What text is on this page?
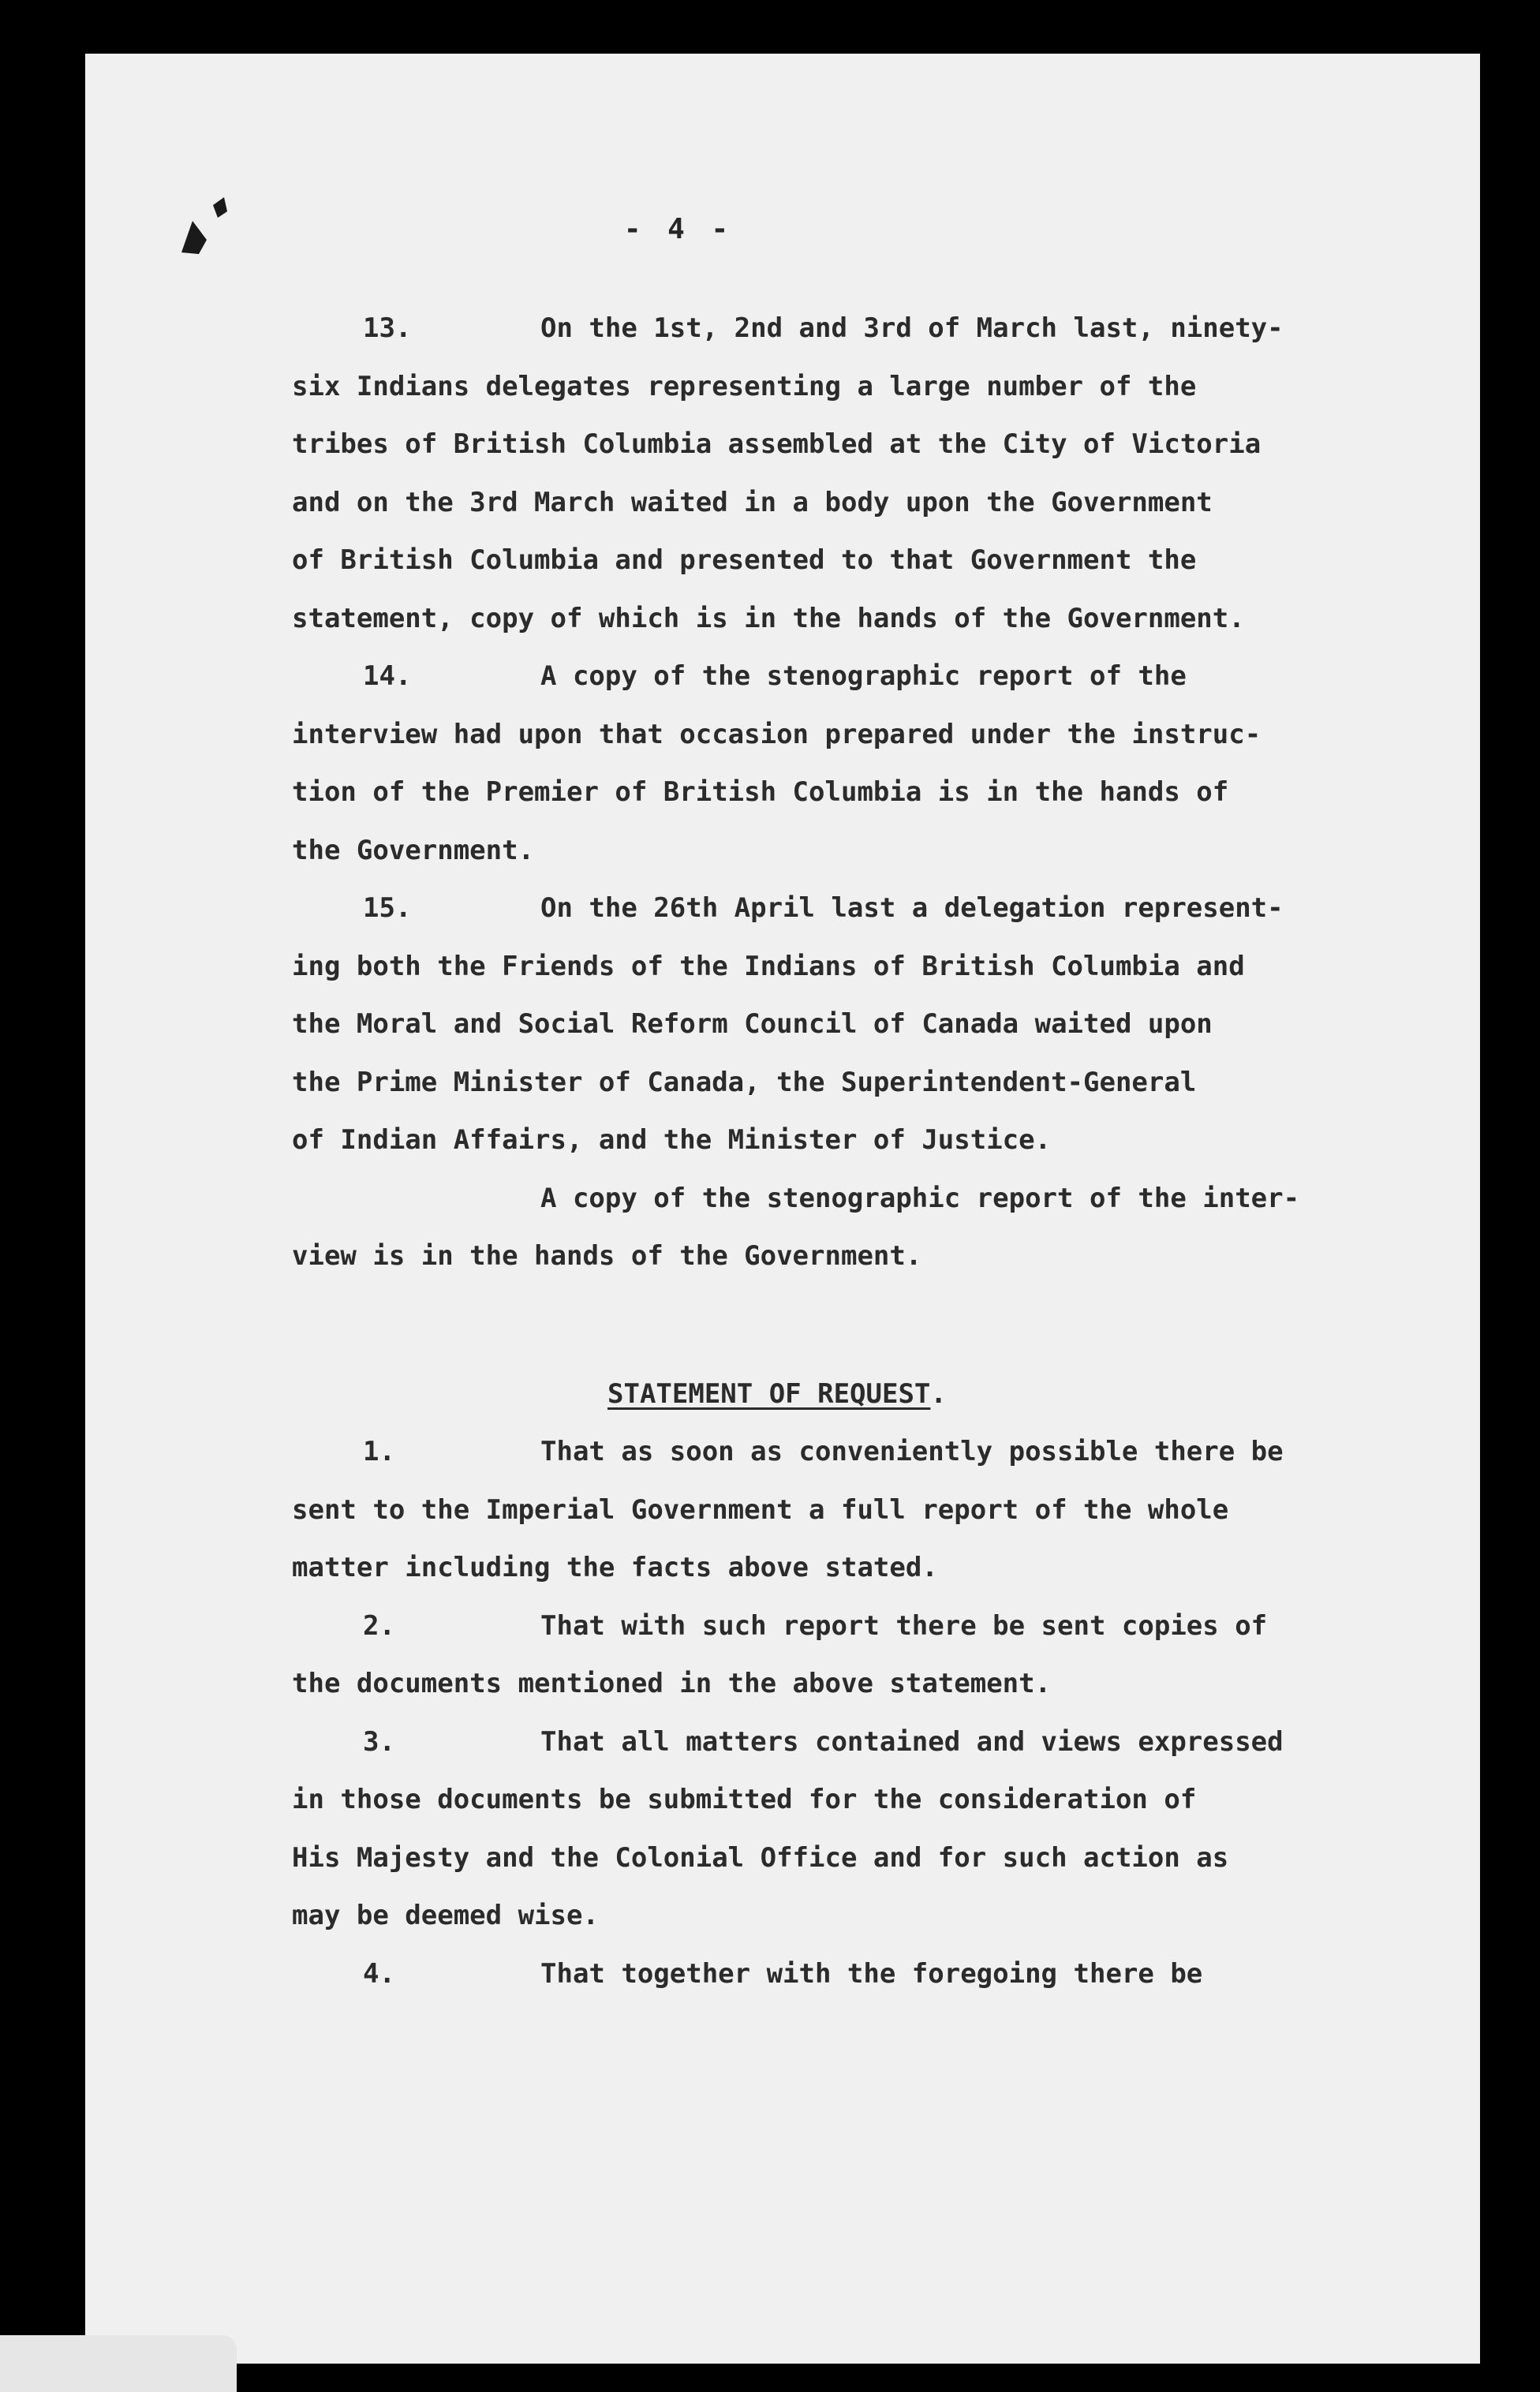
- 4 -

13.

	On the 1st, 2nd and 3rd of March last, ninety-

six Indians delegates representing a large number of the
tribes of British Columbia assembled at the City of Victoria
and on the 3rd March waited in a body upon the Government
of British Columbia and presented to that Government the
statement, copy of which is in the hands of the Government.

14.

	A copy of the stenographic report of the

interview had upon that occasion prepared under the instruc-
tion of the Premier of British Columbia is in the hands of
the Government.

15.

	On the 26th April last a delegation represent-

ing both the Friends of the Indians of British Columbia and
the Moral and Social Reform Council of Canada waited upon
the Prime Minister of Canada, the Superintendent-General
of Indian Affairs, and the Minister of Justice.
A copy of the stenographic report of the inter-
view is in the hands of the Government.
STATEMENT OF REQUEST.

1.

	That as soon as conveniently possible there be

sent to the Imperial Government a full report of the whole
matter including the facts above stated.

2.

	That with such report there be sent copies of

the documents mentioned in the above statement.

3.

	That all matters contained and views expressed

in those documents be submitted for the consideration of
His Majesty and the Colonial Office and for such action as
may be deemed wise.

4.

	That together with the foregoing there be
